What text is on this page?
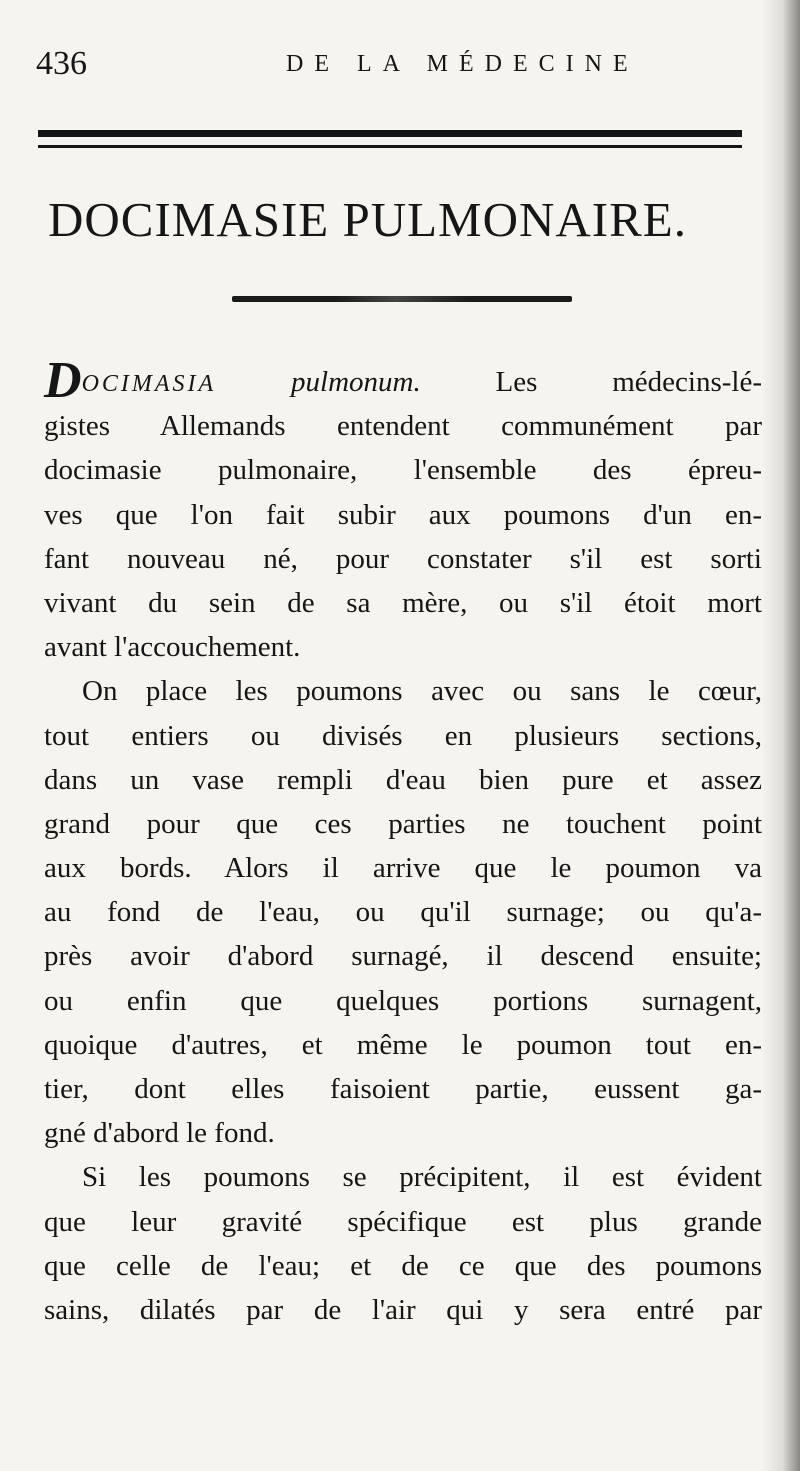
436	DE LA MÉDECINE
DOCIMASIE PULMONAIRE.
DOCIMASIA pulmonum. Les médecins-lé-
gistes Allemands entendent communément par
docimasie pulmonaire, l'ensemble des épreu-
ves que l'on fait subir aux poumons d'un en-
fant nouveau né, pour constater s'il est sorti
vivant du sein de sa mère, ou s'il étoit mort
avant l'accouchement.
On place les poumons avec ou sans le cœur,
tout entiers ou divisés en plusieurs sections,
dans un vase rempli d'eau bien pure et assez
grand pour que ces parties ne touchent point
aux bords. Alors il arrive que le poumon va
au fond de l'eau, ou qu'il surnage; ou qu'a-
près avoir d'abord surnagé, il descend ensuite;
ou enfin que quelques portions surnagent,
quoique d'autres, et même le poumon tout en-
tier, dont elles faisoient partie, eussent ga-
gné d'abord le fond.
Si les poumons se précipitent, il est évident
que leur gravité spécifique est plus grande
que celle de l'eau; et de ce que des poumons
sains, dilatés par de l'air qui y sera entré par
